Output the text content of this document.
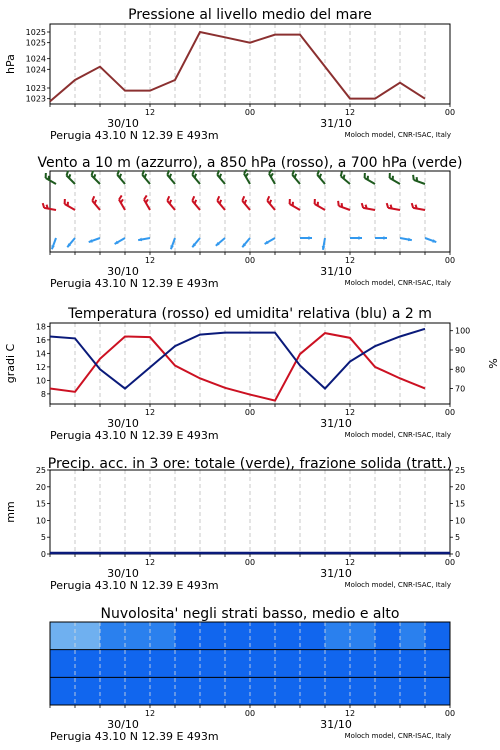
12	00	12	00
30/10	31/10
Perugia 43.10 N 12.39 E 493m	Moloch model, CNR-ISAC, Italy
1023
1023
1024
1024
1025
1025
hPa
Pressione al livello medio del mare
12	00	12	00
30/10	31/10
Perugia 43.10 N 12.39 E 493m	Moloch model, CNR-ISAC, Italy
Vento a 10 m (azzurro), a 850 hPa (rosso), a 700 hPa (verde)
12	00	12	00
30/10	31/10
Perugia 43.10 N 12.39 E 493m	Moloch model, CNR-ISAC, Italy
8
10
12
14
16
18
70
80
90
100
gradi C	%
Temperatura (rosso) ed umidita' relativa (blu) a 2 m
12	00	12	00
30/10	31/10
Perugia 43.10 N 12.39 E 493m	Moloch model, CNR-ISAC, Italy
0	0
5	5
10	10
15	15
20	20
25	25
mm
Precip. acc. in 3 ore: totale (verde), frazione solida (tratt.)
Nuvolosita' negli strati basso, medio e alto
12	00	12	00
30/10	31/10
Perugia 43.10 N 12.39 E 493m	Moloch model, CNR-ISAC, Italy
